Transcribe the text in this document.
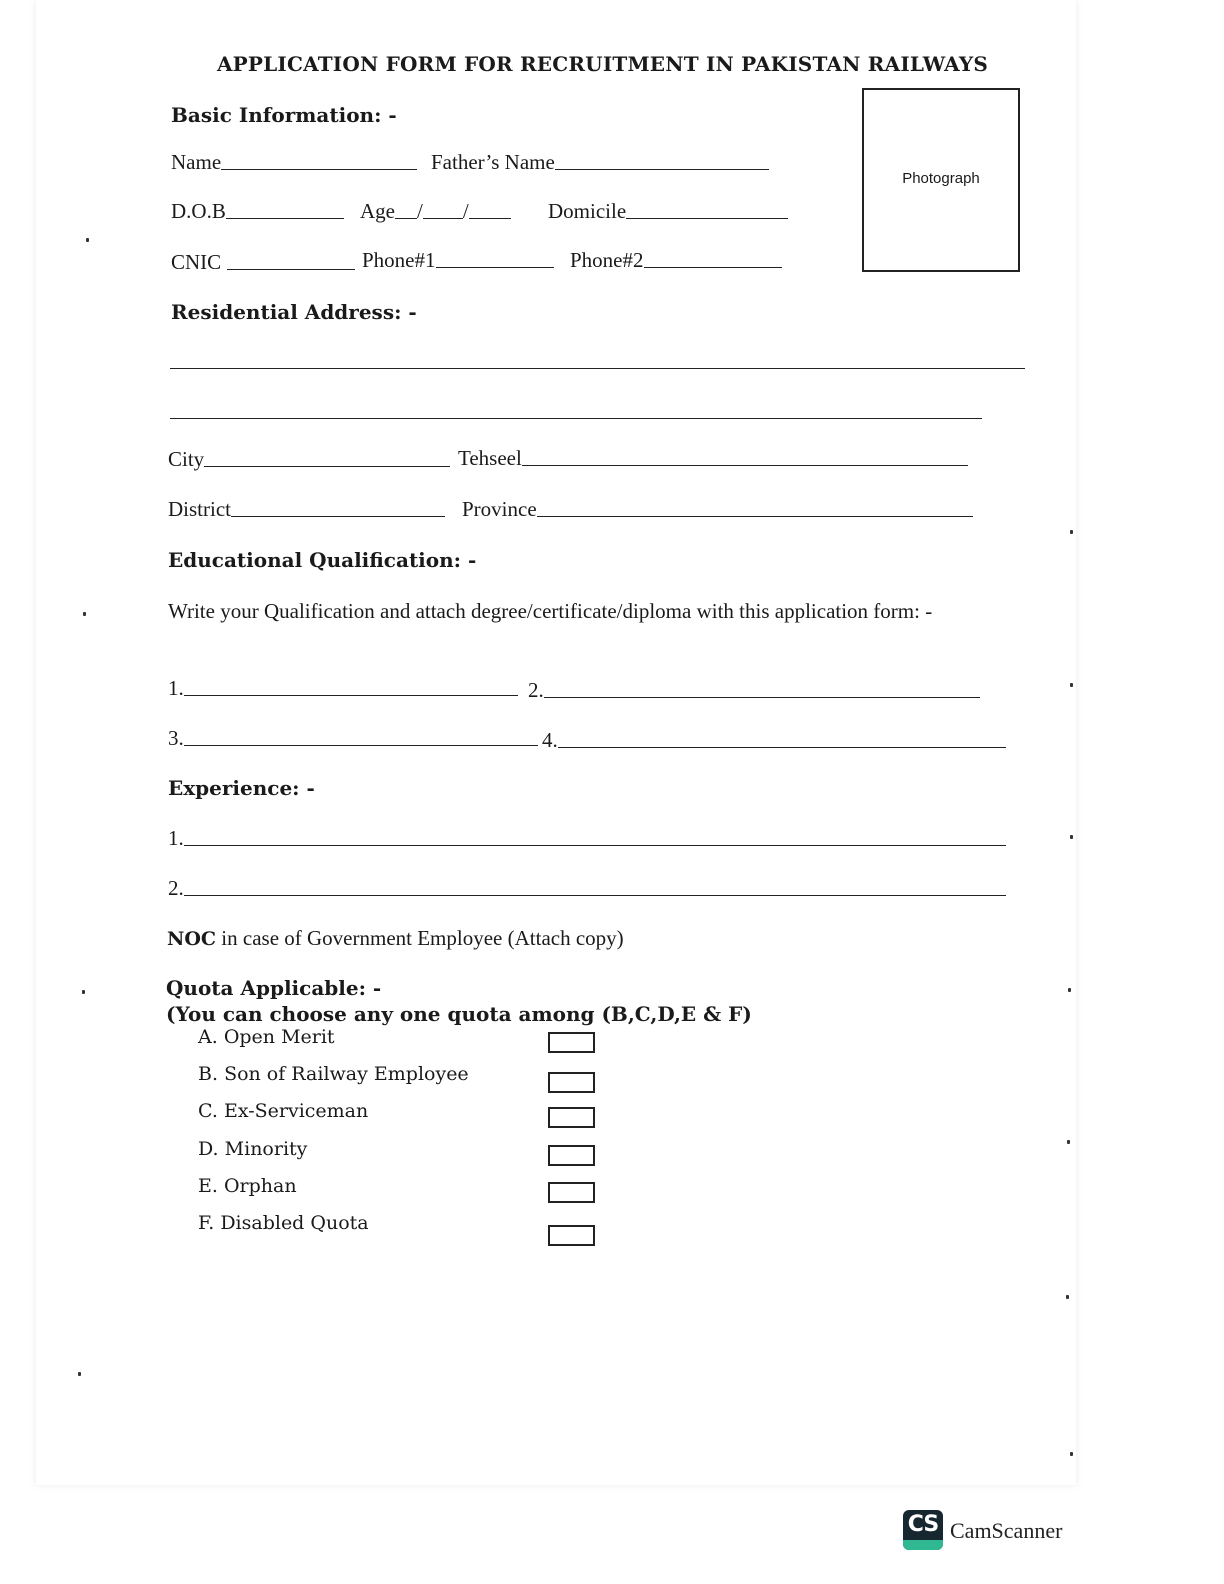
APPLICATION FORM FOR RECRUITMENT IN PAKISTAN RAILWAYS
Basic Information: -
Photograph
Name	Father’s Name
D.O.B	Age / /	Domicile
CNIC	Phone#1	Phone#2
Residential Address: -
City	Tehseel
District	Province
Educational Qualification: -
Write your Qualification and attach degree/certificate/diploma with this application form: -
1.	2.
3.	4.
Experience: -
1.
2.
NOC in case of Government Employee (Attach copy)
Quota Applicable: -
(You can choose any one quota among (B,C,D,E & F)
A. Open Merit
B. Son of Railway Employee
C. Ex-Serviceman
D. Minority
E. Orphan
F. Disabled Quota
CS CamScanner
